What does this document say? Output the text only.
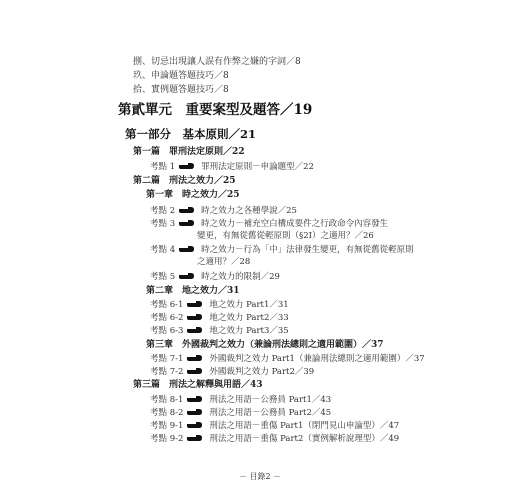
捌、切忌出現讓人誤有作弊之嫌的字詞／8
玖、申論題答題技巧／8
拾、實例題答題技巧／8
第貳單元　重要案型及題答／19
第一部分　基本原則／21
第一篇　 罪刑法定原則／22
考點 1	罪刑法定原則－申論題型／22
第二篇　 刑法之效力／25
第一章　 時之效力／25
考點 2	時之效力之各種學說／25
考點 3	時之效力－補充空白構成要件之行政命令內容發生
變更，有無從舊從輕原則（§2Ⅰ）之適用？／26
考點 4	時之效力－行為「中」法律發生變更，有無從舊從輕原則
之適用？／28
考點 5	時之效力的限制／29
第二章　 地之效力／31
考點 6-1	地之效力 Part1／31
考點 6-2	地之效力 Part2／33
考點 6-3	地之效力 Part3／35
第三章　 外國裁判之效力（兼論刑法總則之適用範圍）／37
考點 7-1	外國裁判之效力 Part1（兼論刑法總則之適用範圍）／37
考點 7-2	外國裁判之效力 Part2／39
第三篇　 刑法之解釋與用語／43
考點 8-1	刑法之用語－公務員 Part1／43
考點 8-2	刑法之用語－公務員 Part2／45
考點 9-1	刑法之用語－重傷 Part1（閉門見山申論型）／47
考點 9-2	刑法之用語－重傷 Part2（實例解析說理型）／49
－ 目錄2 －
